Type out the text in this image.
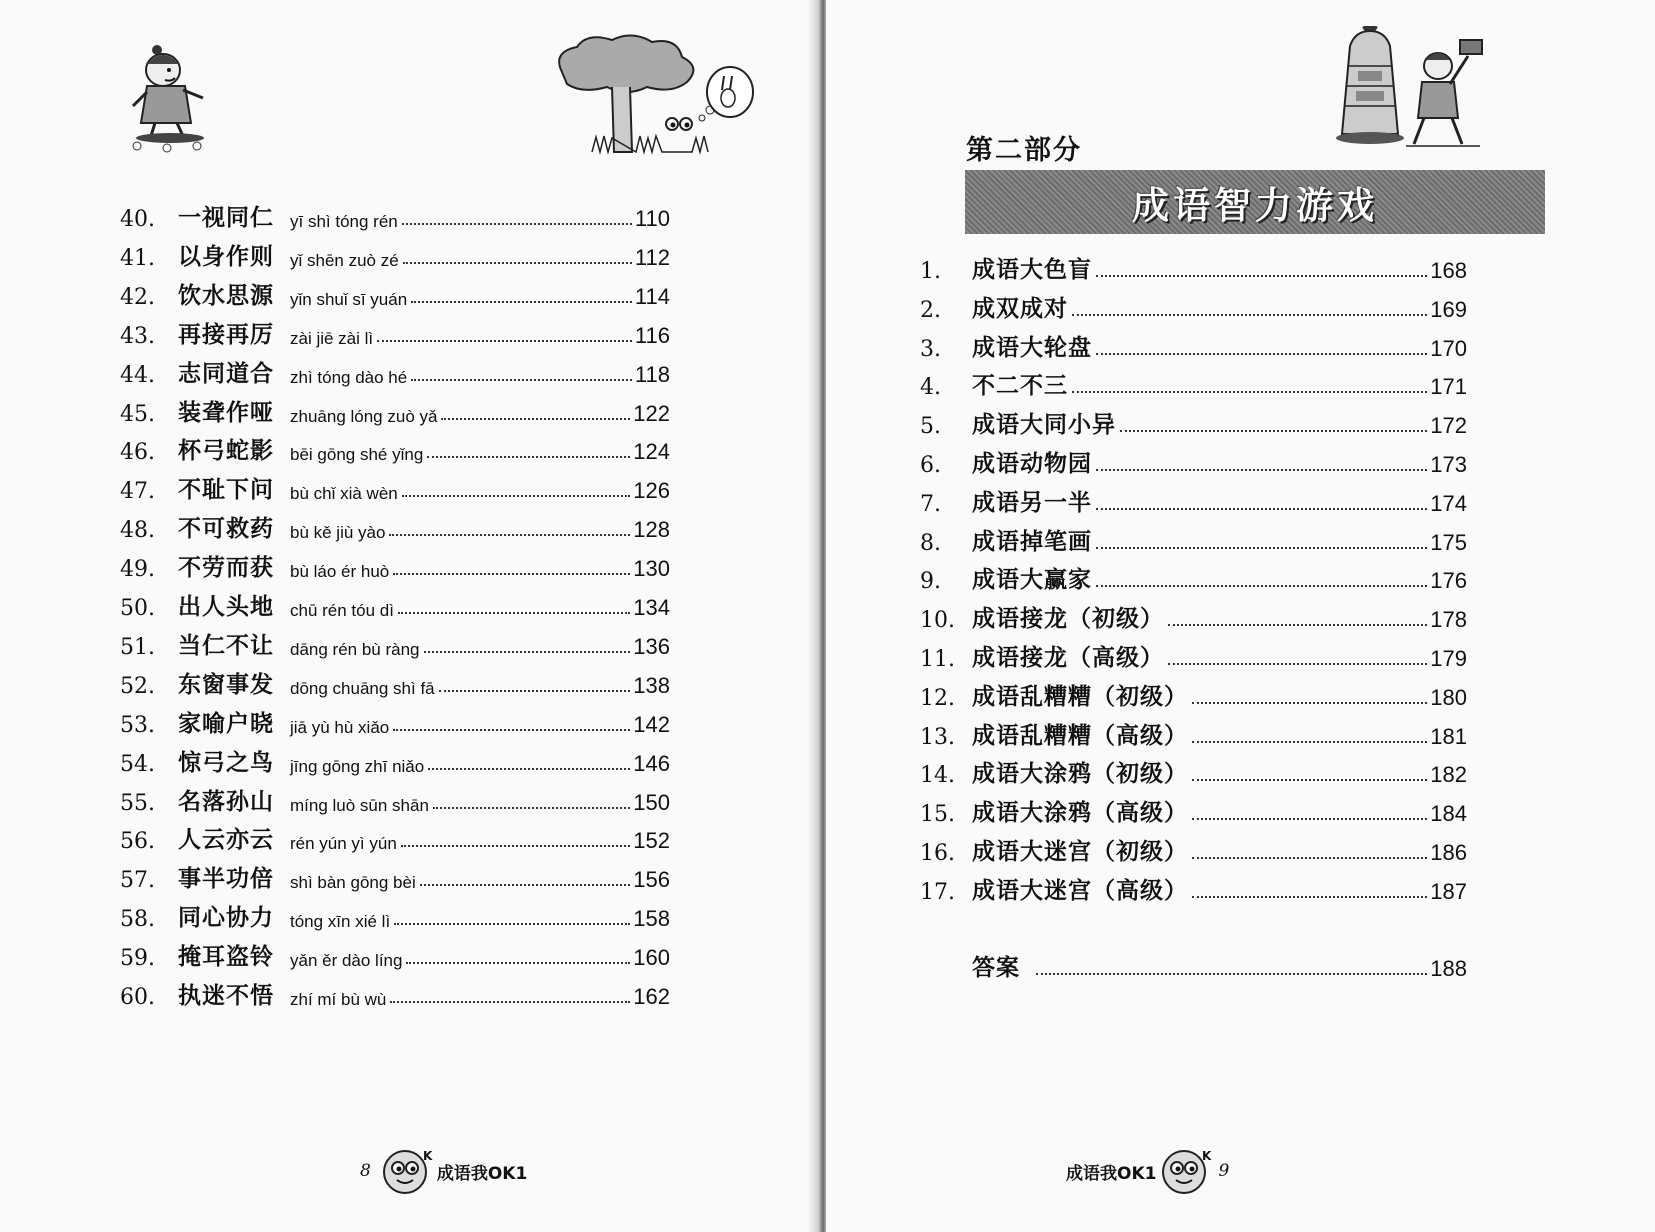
40.	一视同仁 yī shì tóng rén	110
41.	以身作则 yǐ shēn zuò zé	112
42.	饮水思源 yǐn shuǐ sī yuán	114
43.	再接再厉 zài jiē zài lì	116
44.	志同道合 zhì tóng dào hé	118
45.	装聋作哑 zhuāng lóng zuò yǎ	122
46.	杯弓蛇影 bēi gōng shé yǐng	124
47.	不耻下问 bù chǐ xià wèn	126
48.	不可救药 bù kě jiù yào	128
49.	不劳而获 bù láo ér huò	130
50.	出人头地 chū rén tóu dì	134
51.	当仁不让 dāng rén bù ràng	136
52.	东窗事发 dōng chuāng shì fā	138
53.	家喻户晓 jiā yù hù xiǎo	142
54.	惊弓之鸟 jīng gōng zhī niǎo	146
55.	名落孙山 míng luò sūn shān	150
56.	人云亦云 rén yún yì yún	152
57.	事半功倍 shì bàn gōng bèi	156
58.	同心协力 tóng xīn xié lì	158
59.	掩耳盗铃 yǎn ěr dào líng	160
60.	执迷不悟 zhí mí bù wù	162
8
K
成语我OK1
第二部分
成语智力游戏
1.	成语大色盲	168
2.	成双成对	169
3.	成语大轮盘	170
4.	不二不三	171
5.	成语大同小异	172
6.	成语动物园	173
7.	成语另一半	174
8.	成语掉笔画	175
9.	成语大赢家	176
10. 成语接龙（初级）	178
11. 成语接龙（高级）	179
12. 成语乱糟糟（初级）	180
13. 成语乱糟糟（高级）	181
14. 成语大涂鸦（初级）	182
15. 成语大涂鸦（高级）	184
16. 成语大迷宫（初级）	186
17. 成语大迷宫（高级）	187
答案	188
成语我OK1
K
9
